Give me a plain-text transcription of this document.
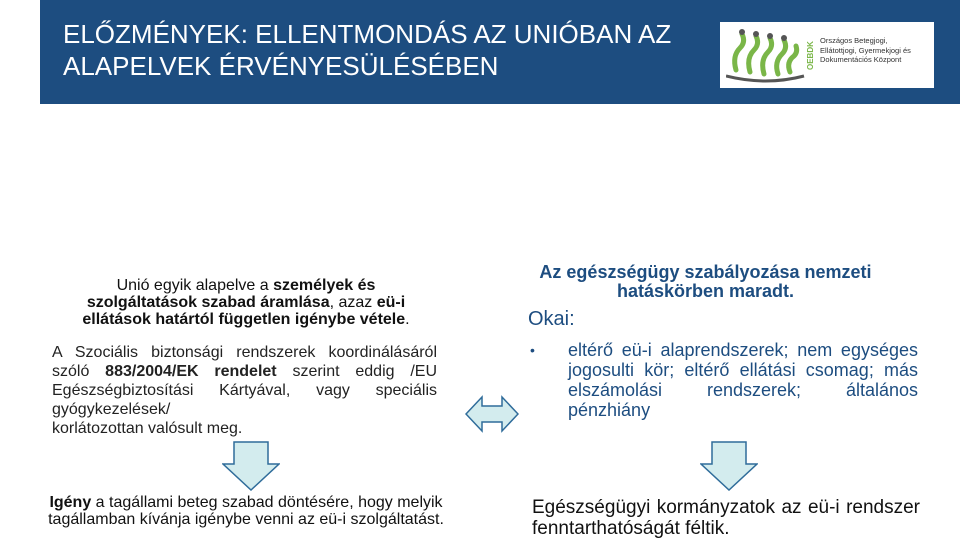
ELŐZMÉNYEK: ELLENTMONDÁS AZ UNIÓBAN AZ
ALAPELVEK ÉRVÉNYESÜLÉSÉBEN	OEBDK
Országos Betegjogi,
Ellátottjogi, Gyermekjogi és
Dokumentációs Központ
Unió egyik alapelve a személyek és szolgáltatások szabad áramlása, azaz eü-i ellátások határtól független igénybe vétele.
A Szociális biztonsági rendszerek koordinálásáról szóló 883/2004/EK rendelet szerint eddig /EU Egészségbiztosítási Kártyával, vagy speciális gyógykezelések/
korlátozottan valósult meg.
Az egészségügy szabályozása nemzeti hatáskörben maradt.
Okai:
• eltérő eü-i alaprendszerek; nem egységes jogosulti kör; eltérő ellátási csomag; más elszámolási rendszerek; általános pénzhiány
Igény a tagállami beteg szabad döntésére, hogy melyik tagállamban kívánja igénybe venni az eü-i szolgáltatást.
Egészségügyi kormányzatok az eü-i rendszer fenntarthatóságát féltik.
